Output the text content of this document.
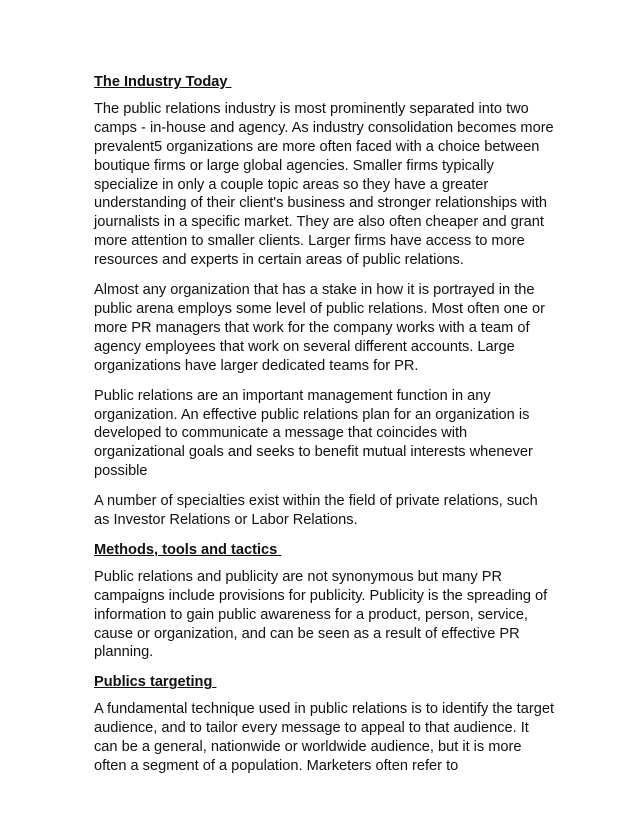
The Industry Today

The public relations industry is most prominently separated into two camps - in-house and agency. As industry consolidation becomes more prevalent5 organizations are more often faced with a choice between boutique firms or large global agencies. Smaller firms typically specialize in only a couple topic areas so they have a greater understanding of their client's business and stronger relationships with journalists in a specific market. They are also often cheaper and grant more attention to smaller clients. Larger firms have access to more resources and experts in certain areas of public relations.

Almost any organization that has a stake in how it is portrayed in the public arena employs some level of public relations. Most often one or more PR managers that work for the company works with a team of agency employees that work on several different accounts. Large organizations have larger dedicated teams for PR.

Public relations are an important management function in any organization. An effective public relations plan for an organization is developed to communicate a message that coincides with organizational goals and seeks to benefit mutual interests whenever possible

A number of specialties exist within the field of private relations, such as Investor Relations or Labor Relations.

Methods, tools and tactics

Public relations and publicity are not synonymous but many PR campaigns include provisions for publicity. Publicity is the spreading of information to gain public awareness for a product, person, service, cause or organization, and can be seen as a result of effective PR planning.

Publics targeting

A fundamental technique used in public relations is to identify the target audience, and to tailor every message to appeal to that audience. It can be a general, nationwide or worldwide audience, but it is more often a segment of a population. Marketers often refer to
